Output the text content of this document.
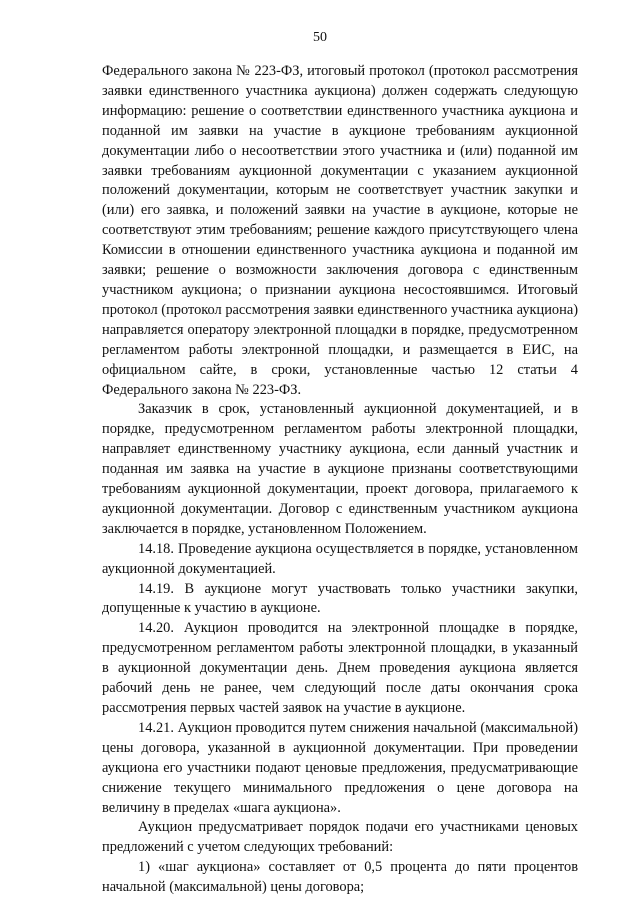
50

Федерального закона № 223-ФЗ, итоговый протокол (протокол рассмотрения заявки единственного участника аукциона) должен содержать следующую информацию: решение о соответствии единственного участника аукциона и поданной им заявки на участие в аукционе требованиям аукционной документации либо о несоответствии этого участника и (или) поданной им заявки требованиям аукционной документации с указанием аукционной положений документации, которым не соответствует участник закупки и (или) его заявка, и положений заявки на участие в аукционе, которые не соответствуют этим требованиям; решение каждого присутствующего члена Комиссии в отношении единственного участника аукциона и поданной им заявки; решение о возможности заключения договора с единственным участником аукциона; о признании аукциона несостоявшимся. Итоговый протокол (протокол рассмотрения заявки единственного участника аукциона) направляется оператору электронной площадки в порядке, предусмотренном регламентом работы электронной площадки, и размещается в ЕИС, на официальном сайте, в сроки, установленные частью 12 статьи 4 Федерального закона № 223-ФЗ.

Заказчик в срок, установленный аукционной документацией, и в порядке, предусмотренном регламентом работы электронной площадки, направляет единственному участнику аукциона, если данный участник и поданная им заявка на участие в аукционе признаны соответствующими требованиям аукционной документации, проект договора, прилагаемого к аукционной документации. Договор с единственным участником аукциона заключается в порядке, установленном Положением.

14.18. Проведение аукциона осуществляется в порядке, установленном аукционной документацией.

14.19. В аукционе могут участвовать только участники закупки, допущенные к участию в аукционе.

14.20. Аукцион проводится на электронной площадке в порядке, предусмотренном регламентом работы электронной площадки, в указанный в аукционной документации день. Днем проведения аукциона является рабочий день не ранее, чем следующий после даты окончания срока рассмотрения первых частей заявок на участие в аукционе.

14.21. Аукцион проводится путем снижения начальной (максимальной) цены договора, указанной в аукционной документации. При проведении аукциона его участники подают ценовые предложения, предусматривающие снижение текущего минимального предложения о цене договора на величину в пределах «шага аукциона».

Аукцион предусматривает порядок подачи его участниками ценовых предложений с учетом следующих требований:

1) «шаг аукциона» составляет от 0,5 процента до пяти процентов начальной (максимальной) цены договора;
